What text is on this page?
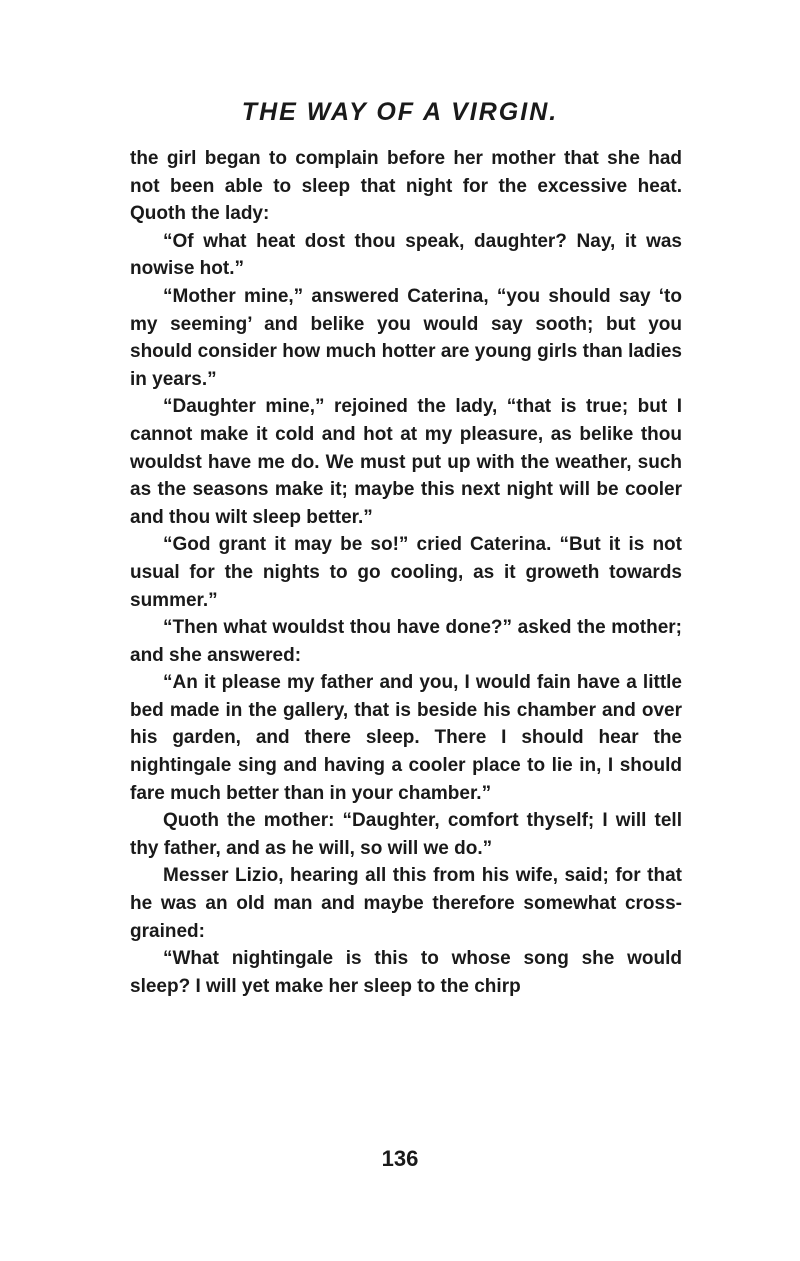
THE WAY OF A VIRGIN.

the girl began to complain before her mother that she had not been able to sleep that night for the excessive heat. Quoth the lady:

“Of what heat dost thou speak, daughter? Nay, it was nowise hot.”

“Mother mine,” answered Caterina, “you should say ‘to my seeming’ and belike you would say sooth; but you should consider how much hotter are young girls than ladies in years.”

“Daughter mine,” rejoined the lady, “that is true; but I cannot make it cold and hot at my pleasure, as belike thou wouldst have me do. We must put up with the weather, such as the seasons make it; maybe this next night will be cooler and thou wilt sleep better.”

“God grant it may be so!” cried Caterina. “But it is not usual for the nights to go cooling, as it groweth towards summer.”

“Then what wouldst thou have done?” asked the mother; and she answered:

“An it please my father and you, I would fain have a little bed made in the gallery, that is beside his chamber and over his garden, and there sleep. There I should hear the nightingale sing and having a cooler place to lie in, I should fare much better than in your chamber.”

Quoth the mother: “Daughter, comfort thyself; I will tell thy father, and as he will, so will we do.”

Messer Lizio, hearing all this from his wife, said; for that he was an old man and maybe therefore somewhat cross-grained:

“What nightingale is this to whose song she would sleep? I will yet make her sleep to the chirp

136
